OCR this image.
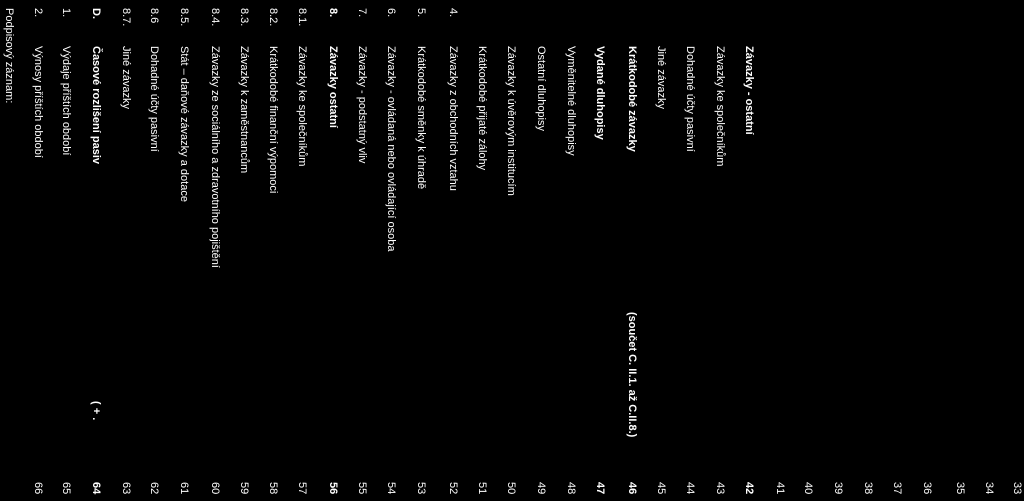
Podpisový záznam: 2.
Výnosy příštích období
66
1.
Výdaje příštích období
65
D.
Časové rozlišení pasiv
( + .
64
8.7.
Jiné závazky
63
8.6
Dohadné účty pasivní
62
8.5.
Stát – daňové závazky a dotace
61
8.4.
Závazky ze sociálního a zdravotního pojištění
60
8.3.
Závazky k zaměstnancům
59
8.2.
Krátkodobé finanční výpomoci
58
8.1.
Závazky ke společníkům
57
8.
Závazky ostatní
56
7.
Závazky - podstatný vliv
55
6.
Závazky - ovládaná nebo ovládající osoba
54
5.
Krátkodobé směnky k úhradě
53
4.
Závazky z obchodních vztahu
52
Krátkodobé přijaté zálohy
51
Závazky k úvěrovým institucím
50
Ostatní dluhopisy
49
Vyměnitelné dluhopisy
48
Vydané dluhopisy
47
Krátkodobé závazky
(součet C. II.1. až C.II.8.)
46
Jiné závazky
45
Dohadné účty pasivní
44
Závazky ke společníkům
43
Závazky - ostatní
42 41 40 39 38 37 36 35 34 33
